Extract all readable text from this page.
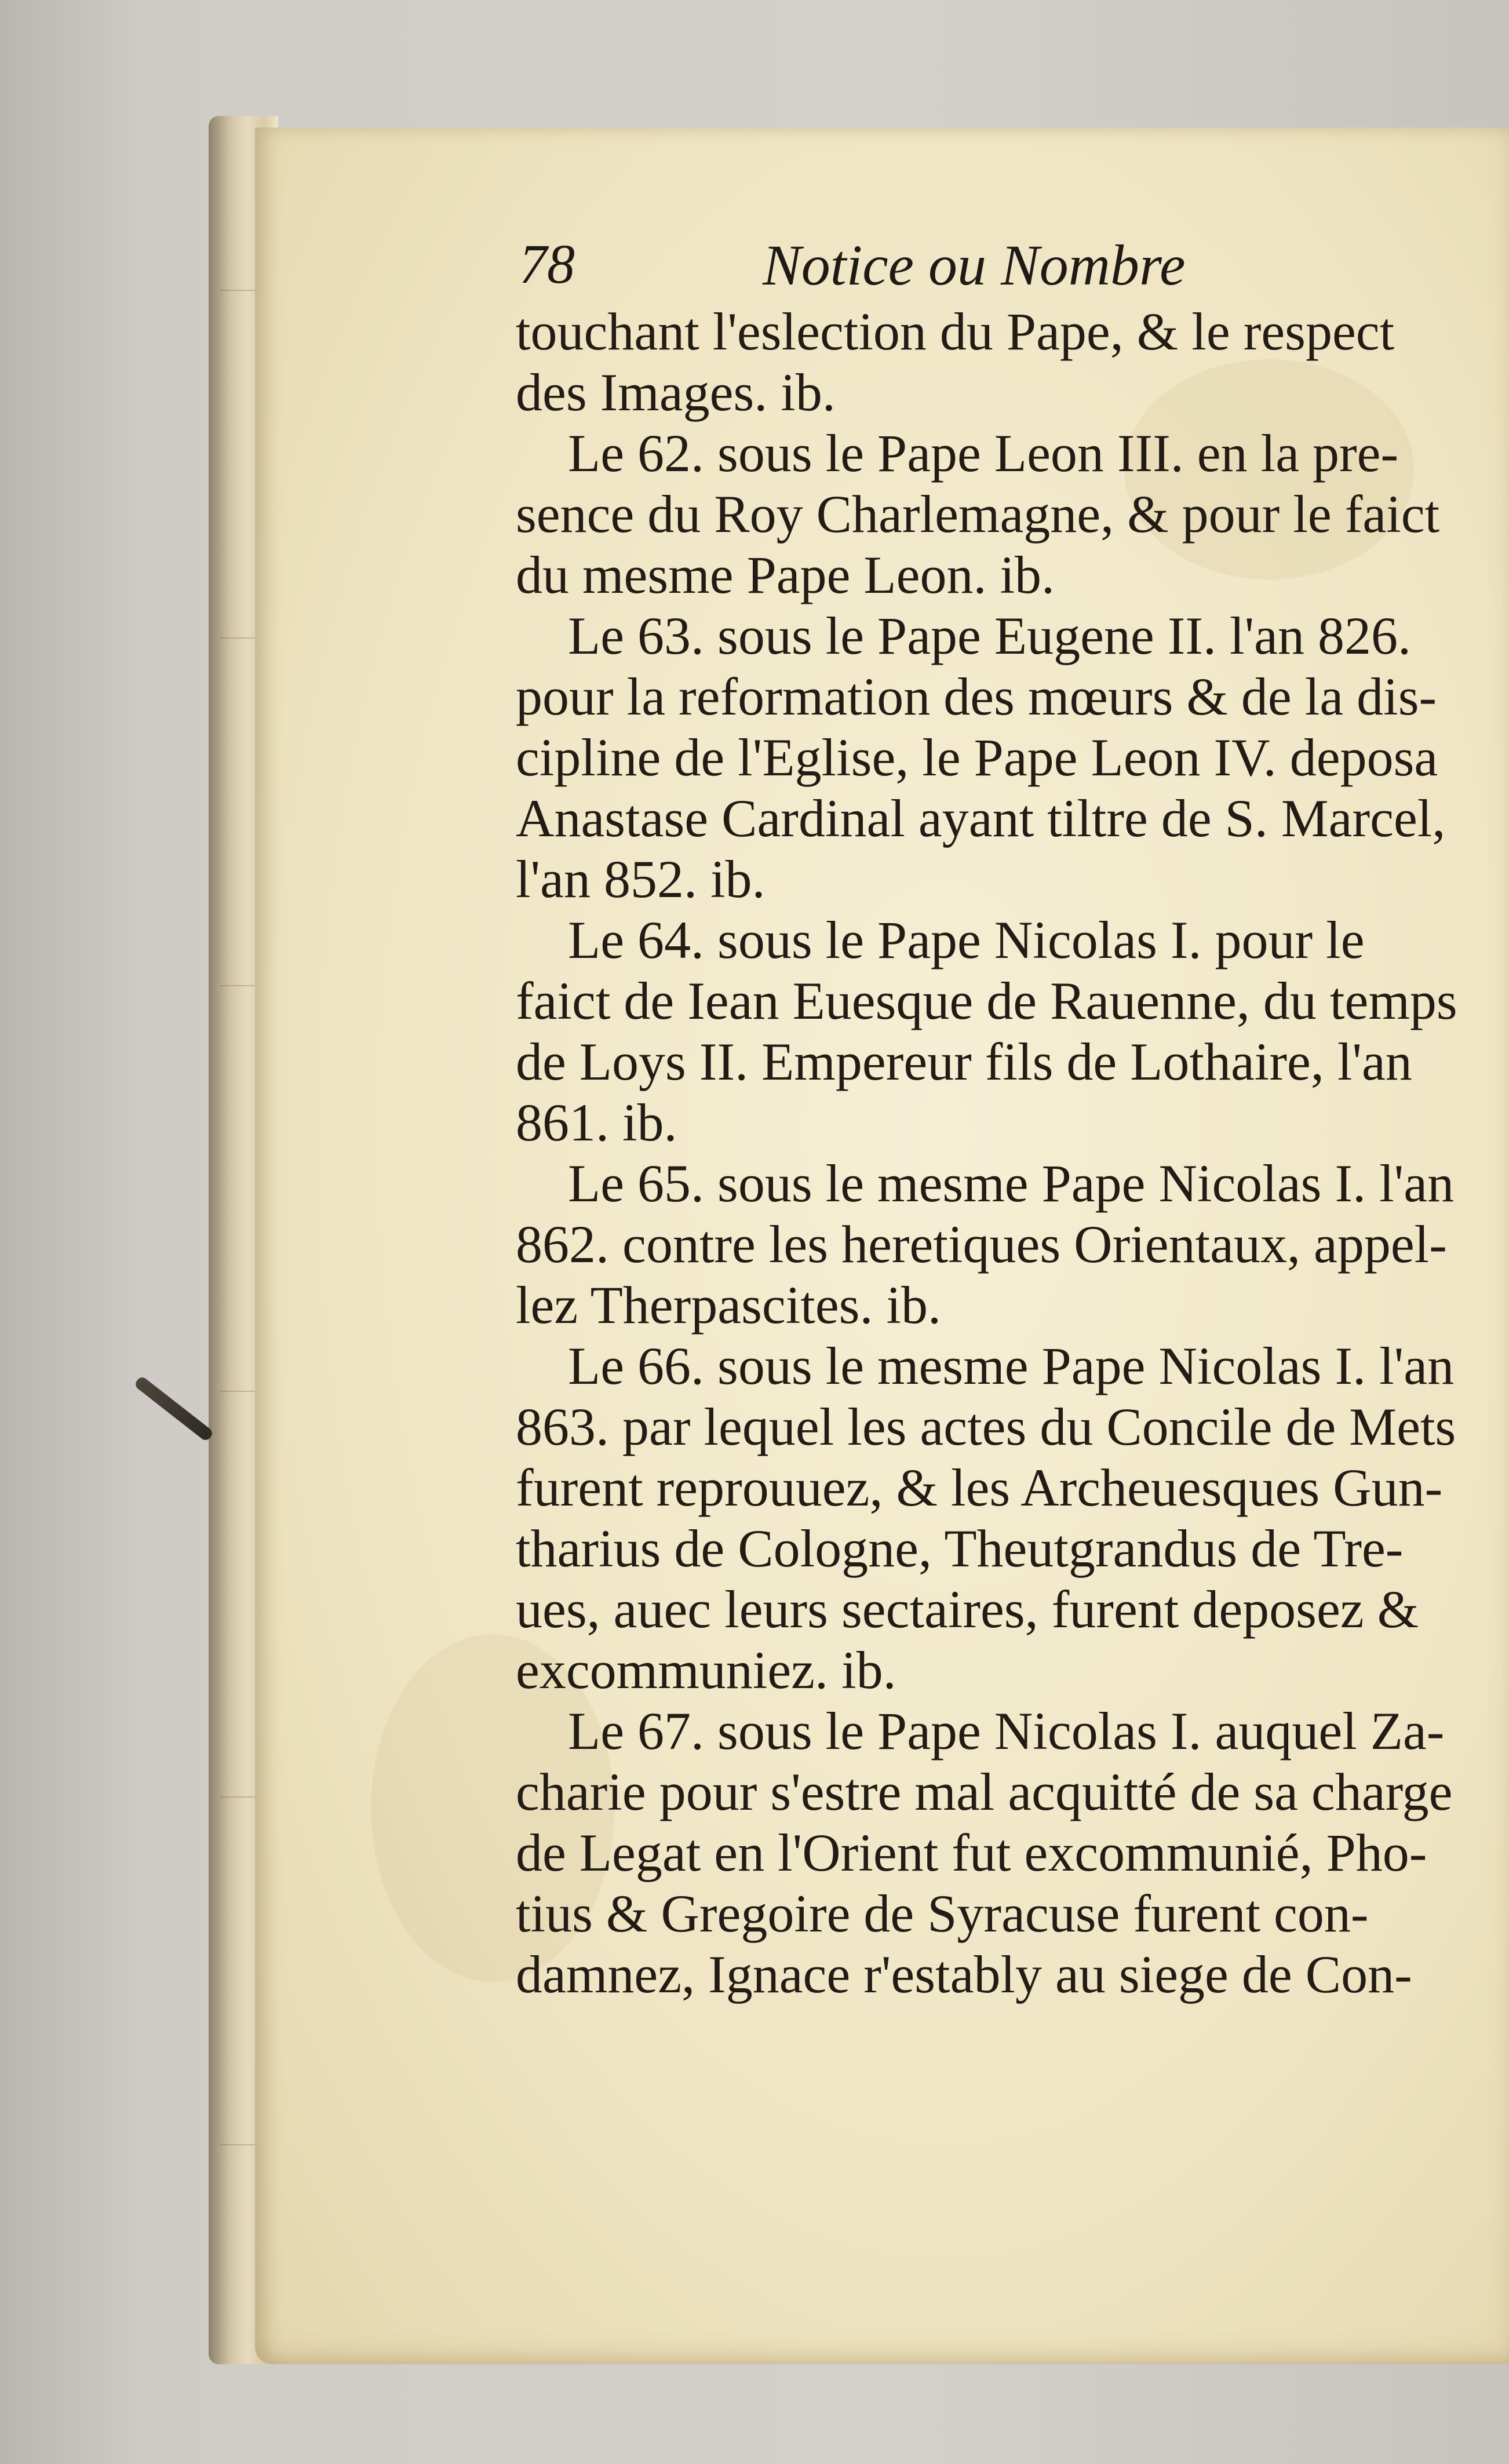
78	Notice ou Nombre
touchant l'eslection du Pape, & le respect
des Images. ib.
Le 62. sous le Pape Leon III. en la pre-
sence du Roy Charlemagne, & pour le faict
du mesme Pape Leon. ib.
Le 63. sous le Pape Eugene II. l'an 826.
pour la reformation des mœurs & de la dis-
cipline de l'Eglise, le Pape Leon IV. deposa
Anastase Cardinal ayant tiltre de S. Marcel,
l'an 852. ib.
Le 64. sous le Pape Nicolas I. pour le
faict de Iean Euesque de Rauenne, du temps
de Loys II. Empereur fils de Lothaire, l'an
861. ib.
Le 65. sous le mesme Pape Nicolas I. l'an
862. contre les heretiques Orientaux, appel-
lez Therpascites. ib.
Le 66. sous le mesme Pape Nicolas I. l'an
863. par lequel les actes du Concile de Mets
furent reprouuez, & les Archeuesques Gun-
tharius de Cologne, Theutgrandus de Tre-
ues, auec leurs sectaires, furent deposez &
excommuniez. ib.
Le 67. sous le Pape Nicolas I. auquel Za-
charie pour s'estre mal acquitté de sa charge
de Legat en l'Orient fut excommunié, Pho-
tius & Gregoire de Syracuse furent con-
damnez, Ignace r'estably au siege de Con-
